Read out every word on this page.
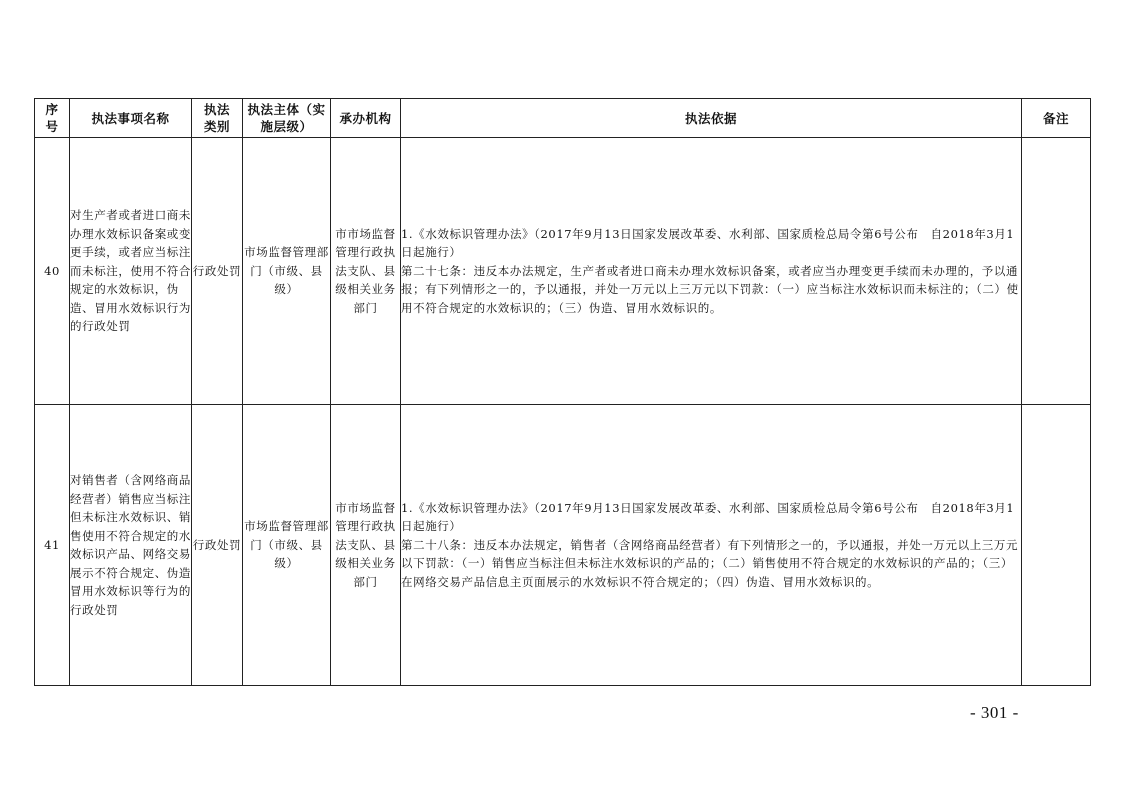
序号	执法事项名称	执法类别	执法主体（实施层级）	承办机构	执法依据	备注
40	对生产者或者进口商未办理水效标识备案或变更手续，或者应当标注而未标注，使用不符合规定的水效标识，伪造、冒用水效标识行为的行政处罚	行政处罚	市场监督管理部门（市级、县级）	市市场监督管理行政执法支队、县级相关业务部门	1.《水效标识管理办法》（2017年9月13日国家发展改革委、水利部、国家质检总局令第6号公布　自2018年3月1日起施行）
第二十七条：违反本办法规定，生产者或者进口商未办理水效标识备案，或者应当办理变更手续而未办理的，予以通报；有下列情形之一的，予以通报，并处一万元以上三万元以下罚款：（一）应当标注水效标识而未标注的；（二）使用不符合规定的水效标识的；（三）伪造、冒用水效标识的。	

41	对销售者（含网络商品经营者）销售应当标注但未标注水效标识、销售使用不符合规定的水效标识产品、网络交易展示不符合规定、伪造冒用水效标识等行为的行政处罚	行政处罚	市场监督管理部门（市级、县级）	市市场监督管理行政执法支队、县级相关业务部门	1.《水效标识管理办法》（2017年9月13日国家发展改革委、水利部、国家质检总局令第6号公布　自2018年3月1日起施行）
第二十八条：违反本办法规定，销售者（含网络商品经营者）有下列情形之一的，予以通报，并处一万元以上三万元以下罚款：（一）销售应当标注但未标注水效标识的产品的；（二）销售使用不符合规定的水效标识的产品的；（三）在网络交易产品信息主页面展示的水效标识不符合规定的；（四）伪造、冒用水效标识的。	

- 301 -
